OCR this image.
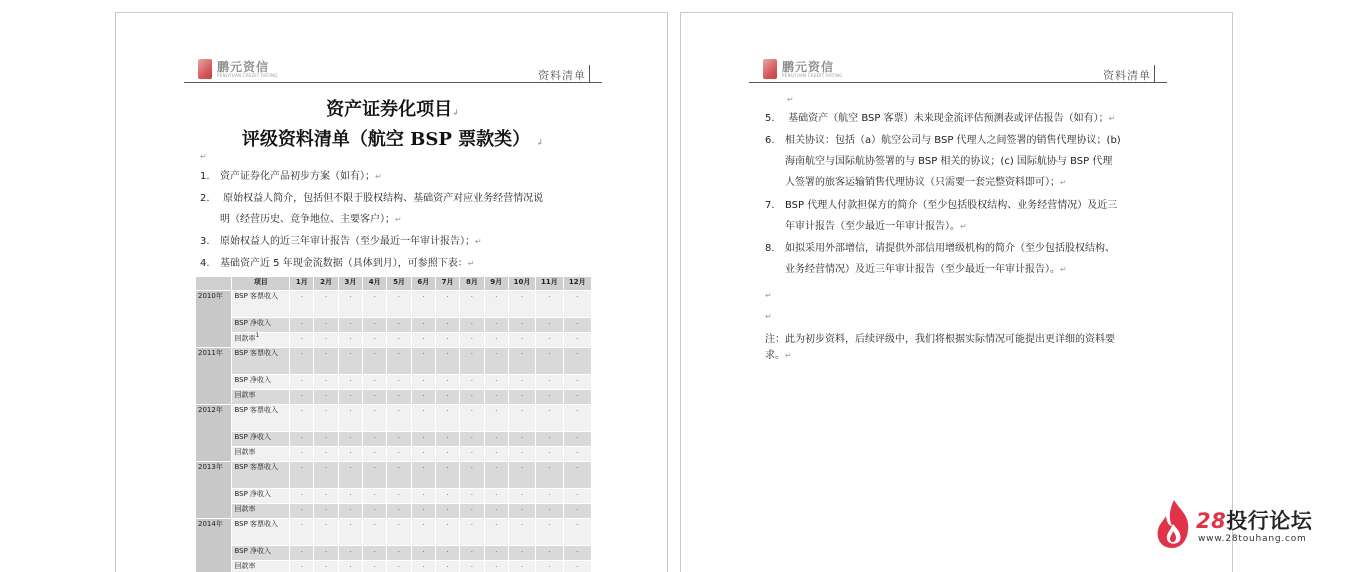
鹏元资信
PENGYUAN CREDIT RATING	资料清单
资产证券化项目↲
评级资料清单（航空 BSP 票款类） ↲
↵
1. 资产证券化产品初步方案（如有）；↵
2. 原始权益人简介，包括但不限于股权结构、基础资产对应业务经营情况说
明（经营历史、竞争地位、主要客户）；↵
3. 原始权益人的近三年审计报告（至少最近一年审计报告）；↵
4. 基础资产近 5 年现金流数据（具体到月），可参照下表：↵
	项目	1月	2月	3月	4月	5月	6月	7月	8月	9月	10月	11月	12月
2010年	BSP 客票收入	.	.	.	.	.	.	.	.	.	.	.	.
	BSP 净收入	.	.	.	.	.	.	.	.	.	.	.	.
	回款率$^1$	.	.	.	.	.	.	.	.	.	.	.	.
2011年	BSP 客票收入	.	.	.	.	.	.	.	.	.	.	.	.
	BSP 净收入	.	.	.	.	.	.	.	.	.	.	.	.
	回款率	.	.	.	.	.	.	.	.	.	.	.	.
2012年	BSP 客票收入	.	.	.	.	.	.	.	.	.	.	.	.
	BSP 净收入	.	.	.	.	.	.	.	.	.	.	.	.
	回款率	.	.	.	.	.	.	.	.	.	.	.	.
2013年	BSP 客票收入	.	.	.	.	.	.	.	.	.	.	.	.
	BSP 净收入	.	.	.	.	.	.	.	.	.	.	.	.
	回款率	.	.	.	.	.	.	.	.	.	.	.	.
2014年	BSP 客票收入	.	.	.	.	.	.	.	.	.	.	.	.
	BSP 净收入	.	.	.	.	.	.	.	.	.	.	.	.
	回款率	.	.	.	.	.	.	.	.	.	.	.	.
鹏元资信
PENGYUAN CREDIT RATING	资料清单
↵
5. 基础资产（航空 BSP 客票）未来现金流评估预测表或评估报告（如有）；↵
6. 相关协议：包括（a）航空公司与 BSP 代理人之间签署的销售代理协议；(b)
海南航空与国际航协签署的与 BSP 相关的协议；(c) 国际航协与 BSP 代理
人签署的旅客运输销售代理协议（只需要一套完整资料即可）；↵
7. BSP 代理人付款担保方的简介（至少包括股权结构、业务经营情况）及近三
年审计报告（至少最近一年审计报告）。↵
8. 如拟采用外部增信，请提供外部信用增级机构的简介（至少包括股权结构、
业务经营情况）及近三年审计报告（至少最近一年审计报告）。↵
↵
↵
注：此为初步资料，后续评级中，我们将根据实际情况可能提出更详细的资料要
求。↵
28投行论坛
www.28touhang.com
